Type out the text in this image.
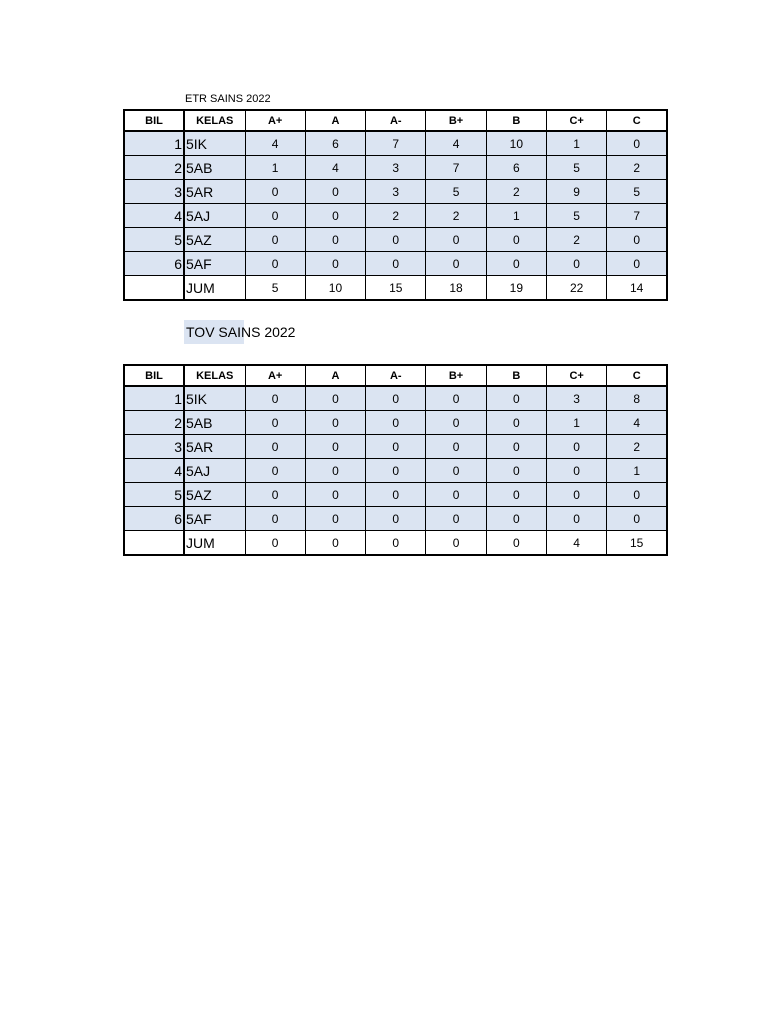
ETR SAINS 2022
BIL	KELAS	A+	A	A-	B+	B	C+	C
1	5IK	4	6	7	4	10	1	0
2	5AB	1	4	3	7	6	5	2
3	5AR	0	0	3	5	2	9	5
4	5AJ	0	0	2	2	1	5	7
5	5AZ	0	0	0	0	0	2	0
6	5AF	0	0	0	0	0	0	0
	JUM	5	10	15	18	19	22	14
TOV SAINS 2022
BIL	KELAS	A+	A	A-	B+	B	C+	C
1	5IK	0	0	0	0	0	3	8
2	5AB	0	0	0	0	0	1	4
3	5AR	0	0	0	0	0	0	2
4	5AJ	0	0	0	0	0	0	1
5	5AZ	0	0	0	0	0	0	0
6	5AF	0	0	0	0	0	0	0
	JUM	0	0	0	0	0	4	15
